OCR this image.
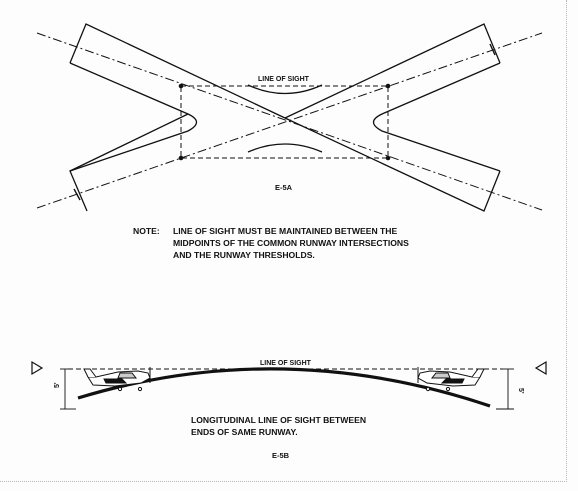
LINE OF SIGHT
E-5A
NOTE: LINE OF SIGHT MUST BE MAINTAINED BETWEEN THE
MIDPOINTS OF THE COMMON RUNWAY INTERSECTIONS
AND THE RUNWAY THRESHOLDS.
LINE OF SIGHT
5'
5'
LONGITUDINAL LINE OF SIGHT BETWEEN
ENDS OF SAME RUNWAY.
E-5B
